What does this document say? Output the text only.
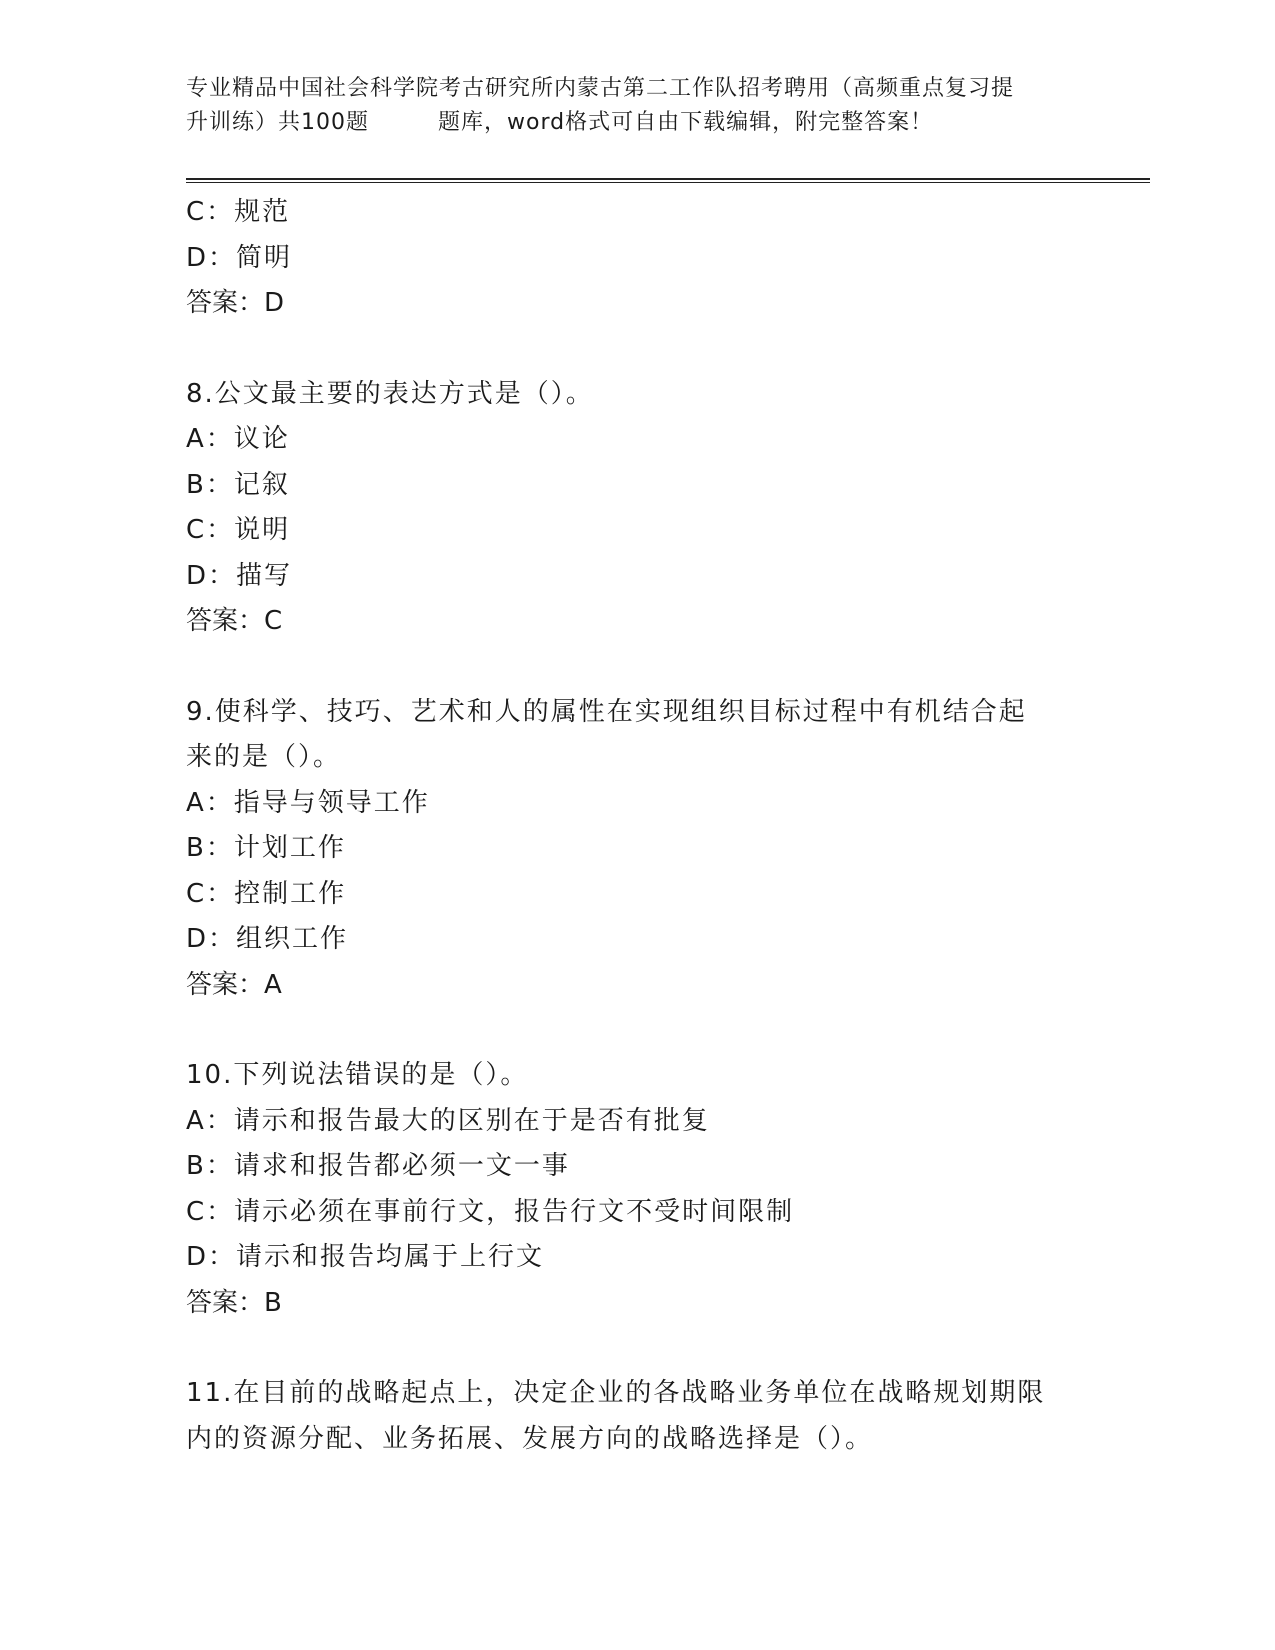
专业精品中国社会科学院考古研究所内蒙古第二工作队招考聘用（高频重点复习提
升训练）共100题　　　题库，word格式可自由下载编辑，附完整答案！
C：规范
D：简明
答案：D
8.公文最主要的表达方式是（）。
A：议论
B：记叙
C：说明
D：描写
答案：C
9.使科学、技巧、艺术和人的属性在实现组织目标过程中有机结合起
来的是（）。
A：指导与领导工作
B：计划工作
C：控制工作
D：组织工作
答案：A
10.下列说法错误的是（）。
A：请示和报告最大的区别在于是否有批复
B：请求和报告都必须一文一事
C：请示必须在事前行文，报告行文不受时间限制
D：请示和报告均属于上行文
答案：B
11.在目前的战略起点上，决定企业的各战略业务单位在战略规划期限
内的资源分配、业务拓展、发展方向的战略选择是（）。
